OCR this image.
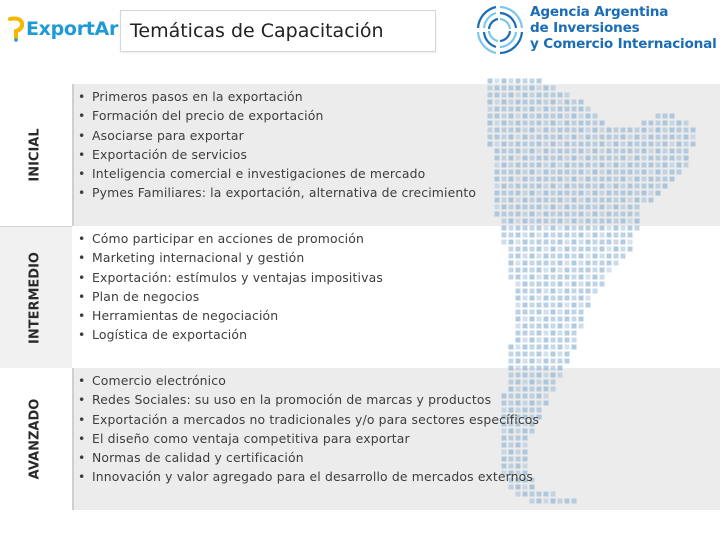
ExportAr Temáticas de Capacitación
Agencia Argentina
de Inversiones
y Comercio Internacional
INICIAL
INTERMEDIO
AVANZADO
• Primeros pasos en la exportación
• Formación del precio de exportación
• Asociarse para exportar
• Exportación de servicios
• Inteligencia comercial e investigaciones de mercado
• Pymes Familiares: la exportación, alternativa de crecimiento
• Cómo participar en acciones de promoción
• Marketing internacional y gestión
• Exportación: estímulos y ventajas impositivas
• Plan de negocios
• Herramientas de negociación
• Logística de exportación
• Comercio electrónico
• Redes Sociales: su uso en la promoción de marcas y productos
• Exportación a mercados no tradicionales y/o para sectores específicos
• El diseño como ventaja competitiva para exportar
• Normas de calidad y certificación
• Innovación y valor agregado para el desarrollo de mercados externos
